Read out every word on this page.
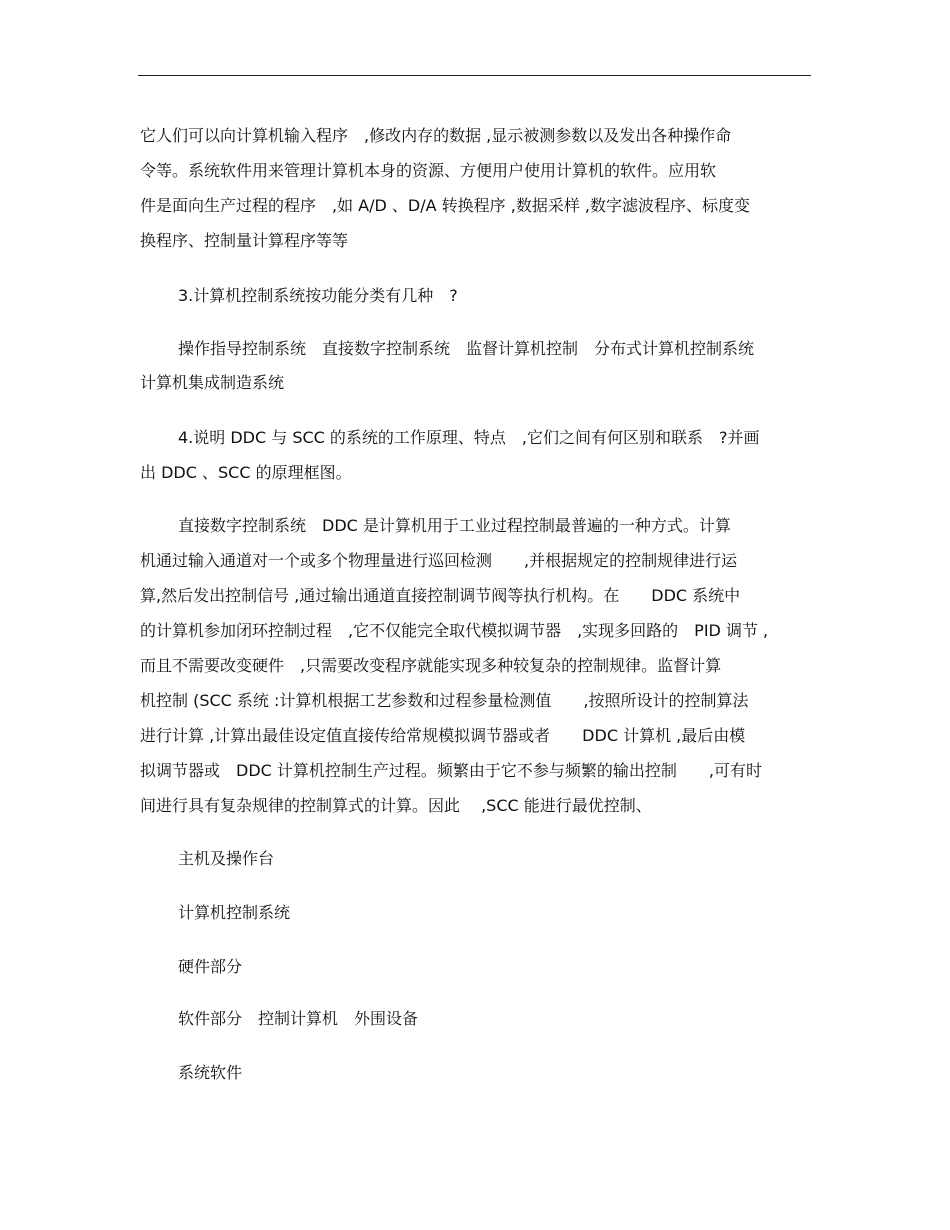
它人们可以向计算机输入程序　,修改内存的数据 ,显示被测参数以及发出各种操作命

令等。系统软件用来管理计算机本身的资源、方便用户使用计算机的软件。应用软

件是面向生产过程的程序　,如 A/D 、D/A 转换程序 ,数据采样 ,数字滤波程序、标度变

换程序、控制量计算程序等等

3.计算机控制系统按功能分类有几种　?

操作指导控制系统　直接数字控制系统　监督计算机控制　分布式计算机控制系统

计算机集成制造系统

4.说明 DDC 与 SCC 的系统的工作原理、特点　,它们之间有何区别和联系　?并画

出 DDC 、SCC 的原理框图。

直接数字控制系统　DDC 是计算机用于工业过程控制最普遍的一种方式。计算

机通过输入通道对一个或多个物理量进行巡回检测　　,并根据规定的控制规律进行运

算,然后发出控制信号 ,通过输出通道直接控制调节阀等执行机构。在　　DDC 系统中

的计算机参加闭环控制过程　,它不仅能完全取代模拟调节器　,实现多回路的　PID 调节 ,

而且不需要改变硬件　,只需要改变程序就能实现多种较复杂的控制规律。监督计算

机控制 (SCC 系统 :计算机根据工艺参数和过程参量检测值　　,按照所设计的控制算法

进行计算 ,计算出最佳设定值直接传给常规模拟调节器或者　　DDC 计算机 ,最后由模

拟调节器或　DDC 计算机控制生产过程。频繁由于它不参与频繁的输出控制　　,可有时

间进行具有复杂规律的控制算式的计算。因此　 ,SCC 能进行最优控制、

主机及操作台

计算机控制系统

硬件部分

软件部分　控制计算机　外围设备

系统软件
